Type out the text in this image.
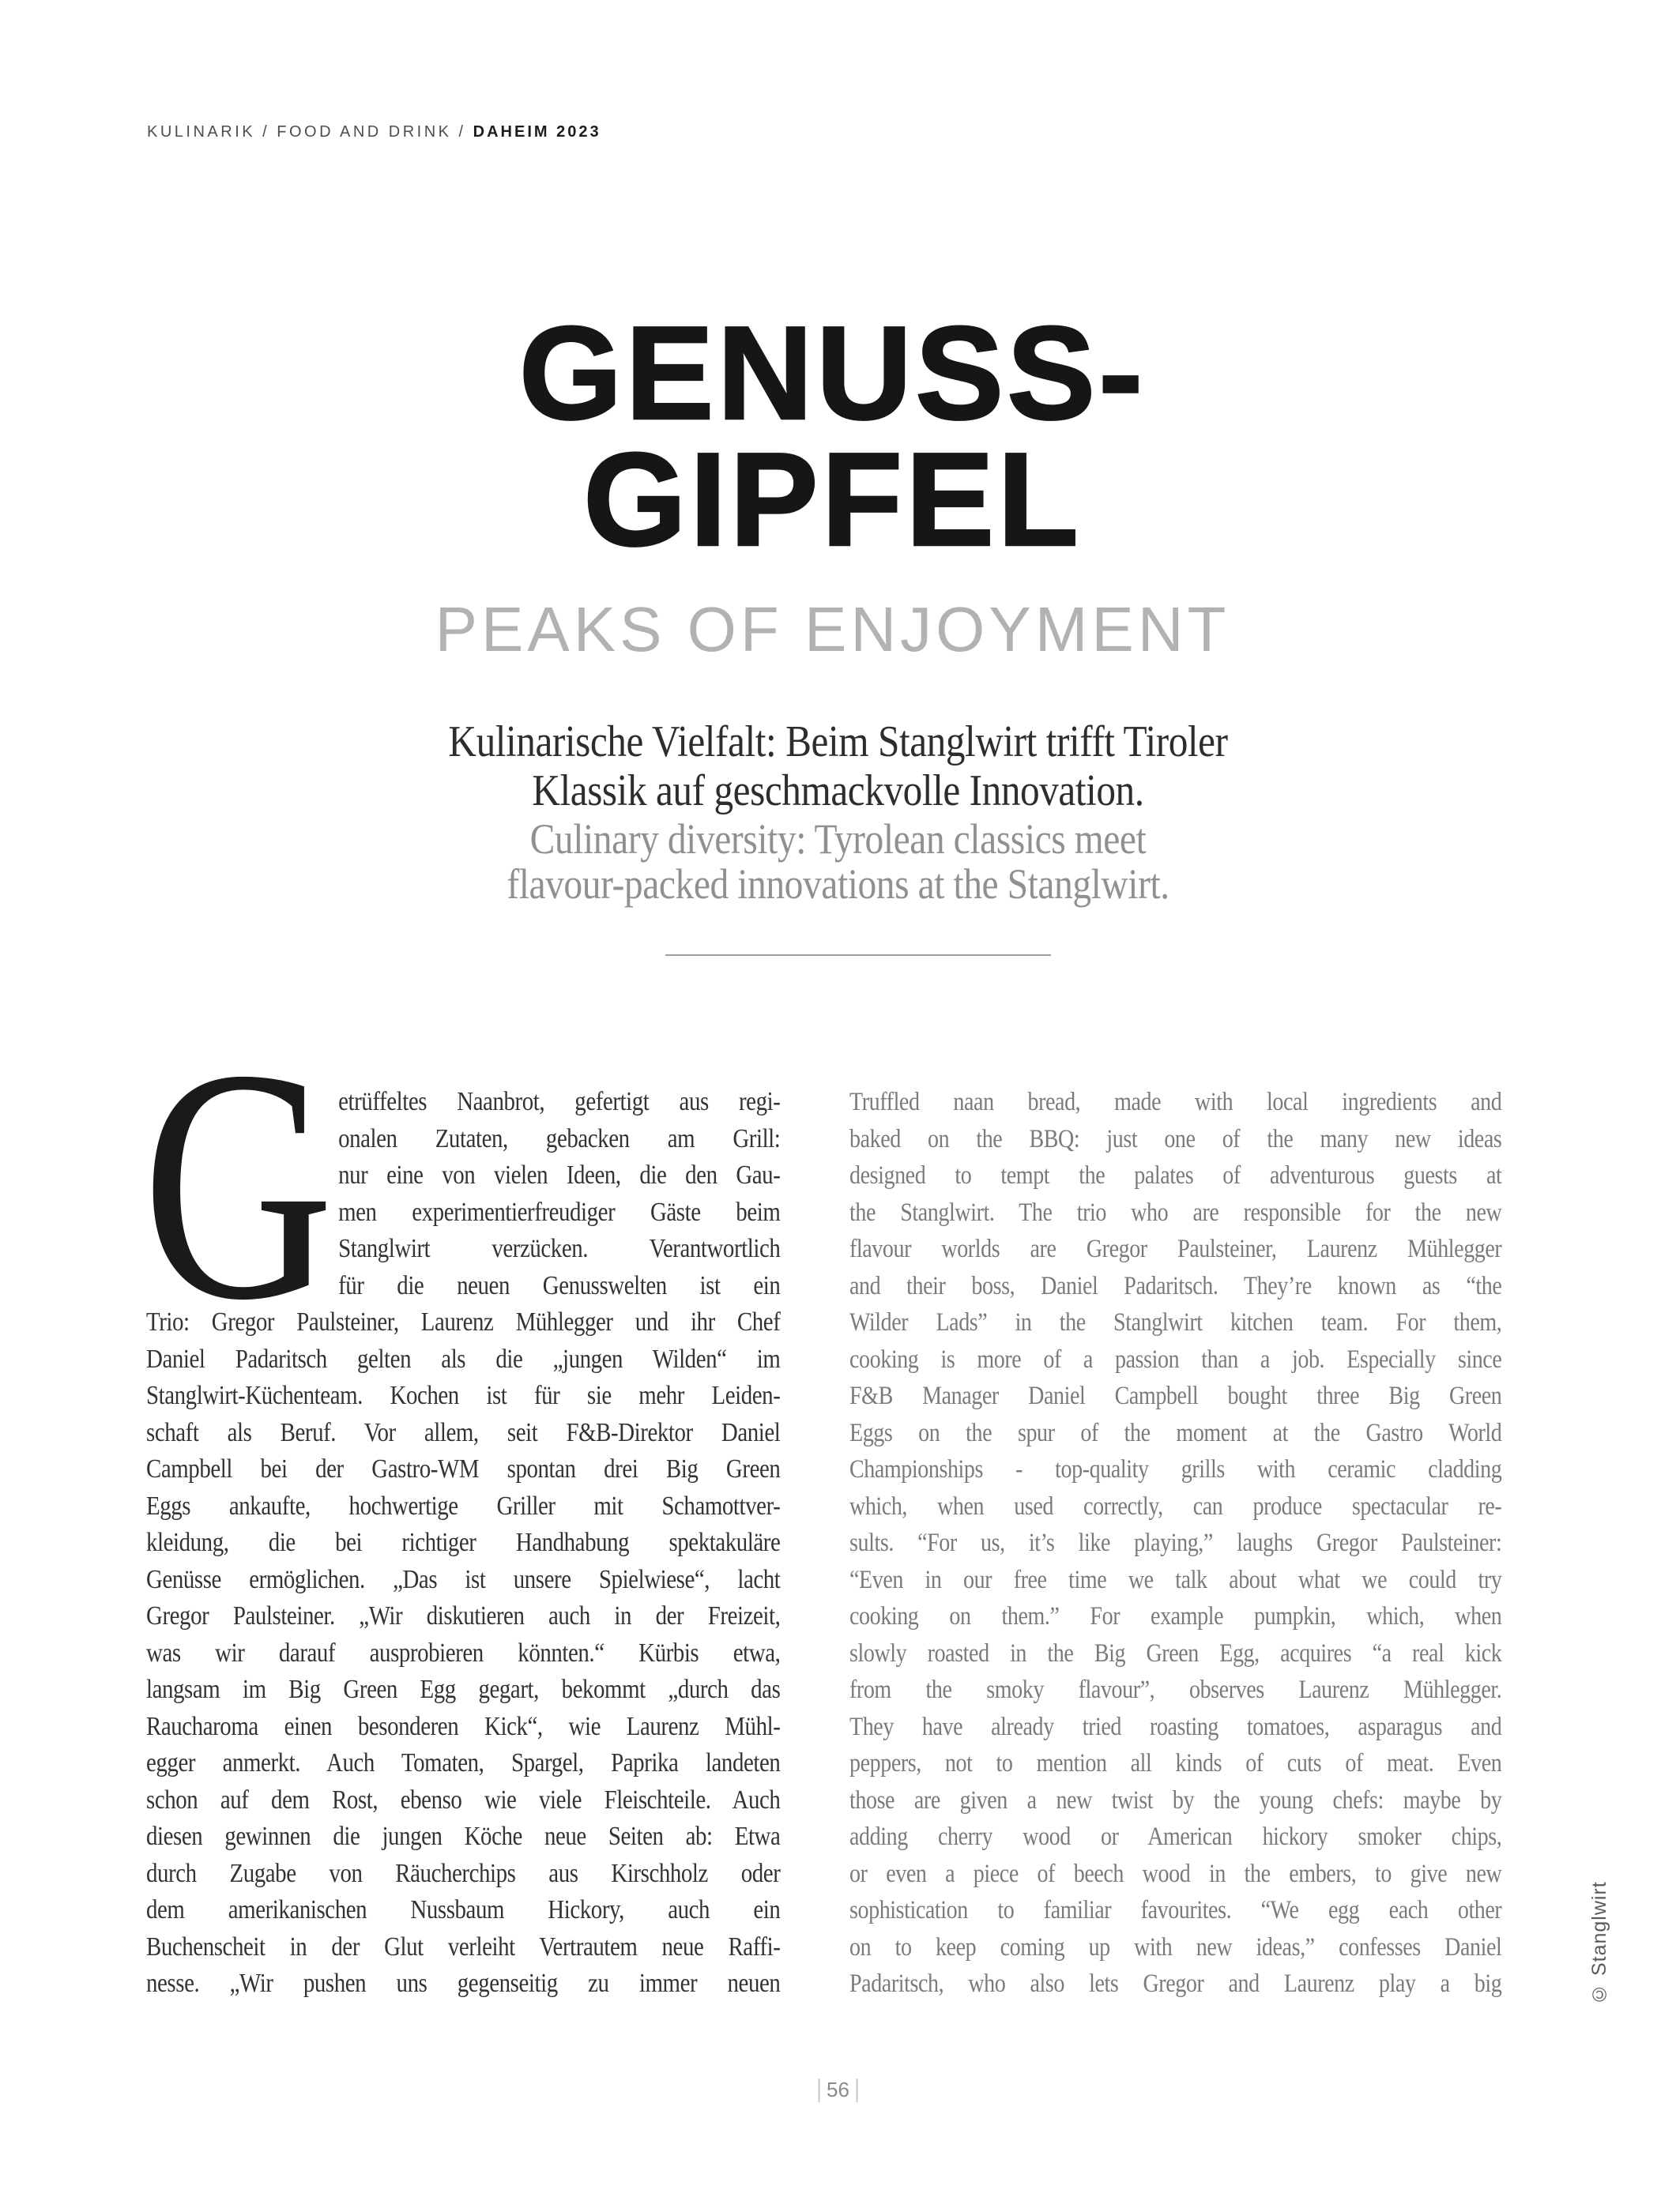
KULINARIK / FOOD AND DRINK / DAHEIM 2023
GENUSS-
GIPFEL
PEAKS OF ENJOYMENT
Kulinarische Vielfalt: Beim Stanglwirt trifft Tiroler
Klassik auf geschmackvolle Innovation.
Culinary diversity: Tyrolean classics meet
flavour-packed innovations at the Stanglwirt.
G etrüffeltes Naanbrot, gefertigt aus regi-
onalen Zutaten, gebacken am Grill:
nur eine von vielen Ideen, die den Gau-
men experimentierfreudiger Gäste beim
Stanglwirt verzücken. Verantwortlich
für die neuen Genusswelten ist ein
Trio: Gregor Paulsteiner, Laurenz Mühlegger und ihr Chef
Daniel Padaritsch gelten als die „jungen Wilden“ im
Stanglwirt-Küchenteam. Kochen ist für sie mehr Leiden-
schaft als Beruf. Vor allem, seit F&B-Direktor Daniel
Campbell bei der Gastro-WM spontan drei Big Green
Eggs ankaufte, hochwertige Griller mit Schamottver-
kleidung, die bei richtiger Handhabung spektakuläre
Genüsse ermöglichen. „Das ist unsere Spielwiese“, lacht
Gregor Paulsteiner. „Wir diskutieren auch in der Freizeit,
was wir darauf ausprobieren könnten.“ Kürbis etwa,
langsam im Big Green Egg gegart, bekommt „durch das
Raucharoma einen besonderen Kick“, wie Laurenz Mühl-
egger anmerkt. Auch Tomaten, Spargel, Paprika landeten
schon auf dem Rost, ebenso wie viele Fleischteile. Auch
diesen gewinnen die jungen Köche neue Seiten ab: Etwa
durch Zugabe von Räucherchips aus Kirschholz oder
dem amerikanischen Nussbaum Hickory, auch ein
Buchenscheit in der Glut verleiht Vertrautem neue Raffi-
nesse. „Wir pushen uns gegenseitig zu immer neuen
Truffled naan bread, made with local ingredients and
baked on the BBQ: just one of the many new ideas
designed to tempt the palates of adventurous guests at
the Stanglwirt. The trio who are responsible for the new
flavour worlds are Gregor Paulsteiner, Laurenz Mühlegger
and their boss, Daniel Padaritsch. They’re known as “the
Wilder Lads” in the Stanglwirt kitchen team. For them,
cooking is more of a passion than a job. Especially since
F&B Manager Daniel Campbell bought three Big Green
Eggs on the spur of the moment at the Gastro World
Championships - top-quality grills with ceramic cladding
which, when used correctly, can produce spectacular re-
sults. “For us, it’s like playing,” laughs Gregor Paulsteiner:
“Even in our free time we talk about what we could try
cooking on them.” For example pumpkin, which, when
slowly roasted in the Big Green Egg, acquires “a real kick
from the smoky flavour”, observes Laurenz Mühlegger.
They have already tried roasting tomatoes, asparagus and
peppers, not to mention all kinds of cuts of meat. Even
those are given a new twist by the young chefs: maybe by
adding cherry wood or American hickory smoker chips,
or even a piece of beech wood in the embers, to give new
sophistication to familiar favourites. “We egg each other
on to keep coming up with new ideas,” confesses Daniel
Padaritsch, who also lets Gregor and Laurenz play a big
56
© Stanglwirt
